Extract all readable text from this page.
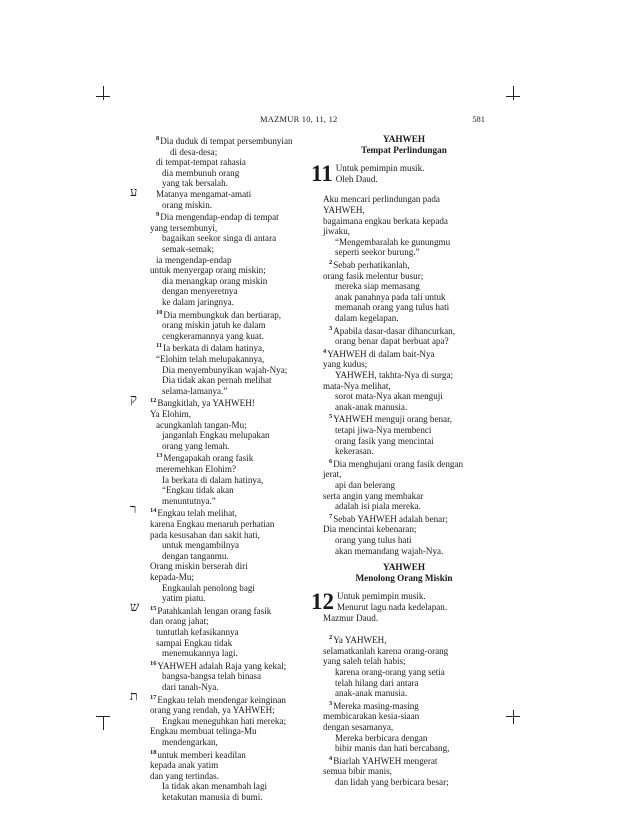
MAZMUR 10, 11, 12	581
$^8$Dia duduk di tempat persembunyian
di desa-desa;
di tempat-tempat rahasia
dia membunuh orang
yang tak bersalah.
ע Matanya mengamat-amati
orang miskin.
$^9$Dia mengendap-endap di tempat
yang tersembunyi,
bagaikan seekor singa di antara
semak-semak;
ia mengendap-endap
untuk menyergap orang miskin;
dia menangkap orang miskin
dengan menyeretnya
ke dalam jaringnya.
$^{10}$Dia membungkuk dan bertiarap,
orang miskin jatuh ke dalam
cengkeramannya yang kuat.
$^{11}$Ia berkata di dalam hatinya,
“Elohim telah melupakannya,
Dia menyembunyikan wajah-Nya;
Dia tidak akan pernah melihat
selama-lamanya.”
ק $^{12}$Bangkitlah, ya YAHWEH!
Ya Elohim,
acungkanlah tangan-Mu;
janganlah Engkau melupakan
orang yang lemah.
$^{13}$Mengapakah orang fasik
meremehkan Elohim?
Ia berkata di dalam hatinya,
“Engkau tidak akan
menuntutnya.”
ר $^{14}$Engkau telah melihat,
karena Engkau menaruh perhatian
pada kesusahan dan sakit hati,
untuk mengambilnya
dengan tanganmu.
Orang miskin berserah diri
kepada-Mu;
Engkaulah penolong bagi
yatim piatu.
ש $^{15}$Patahkanlah lengan orang fasik
dan orang jahat;
tuntutlah kefasikannya
sampai Engkau tidak
menemukannya lagi.
$^{16}$YAHWEH adalah Raja yang kekal;
bangsa-bangsa telah binasa
dari tanah-Nya.
ת $^{17}$Engkau telah mendengar keinginan
orang yang rendah, ya YAHWEH;
Engkau meneguhkan hati mereka;
Engkau membuat telinga-Mu
mendengarkan,
$^{18}$untuk memberi keadilan
kepada anak yatim
dan yang tertindas.
Ia tidak akan menambah lagi
ketakutan manusia di bumi.
YAHWEH
Tempat Perlindungan
11 Untuk pemimpin musik.
Oleh Daud.
Aku mencari perlindungan pada
YAHWEH,
bagaimana engkau berkata kepada
jiwaku,
“Mengembaralah ke gunungmu
seperti seekor burung.”
$^2$Sebab perhatikanlah,
orang fasik melentur busur;
mereka siap memasang
anak panahnya pada tali untuk
memanah orang yang tulus hati
dalam kegelapan.
$^3$Apabila dasar-dasar dihancurkan,
orang benar dapat berbuat apa?
$^4$YAHWEH di dalam bait-Nya
yang kudus;
YAHWEH, takhta-Nya di surga;
mata-Nya melihat,
sorot mata-Nya akan menguji
anak-anak manusia.
$^5$YAHWEH menguji orang benar,
tetapi jiwa-Nya membenci
orang fasik yang mencintai
kekerasan.
$^6$Dia menghujani orang fasik dengan
jerat,
api dan belerang
serta angin yang membakar
adalah isi piala mereka.
$^7$Sebab YAHWEH adalah benar;
Dia mencintai kebenaran;
orang yang tulus hati
akan memandang wajah-Nya.
YAHWEH
Menolong Orang Miskin
12 Untuk pemimpin musik.
Menurut lagu nada kedelapan.
Mazmur Daud.
$^2$Ya YAHWEH,
selamatkanlah karena orang-orang
yang saleh telah habis;
karena orang-orang yang setia
telah hilang dari antara
anak-anak manusia.
$^3$Mereka masing-masing
membicarakan kesia-siaan
dengan sesamanya,
Mereka berbicara dengan
bibir manis dan hati bercabang,
$^4$Biarlah YAHWEH mengerat
semua bibir manis,
dan lidah yang berbicara besar;
